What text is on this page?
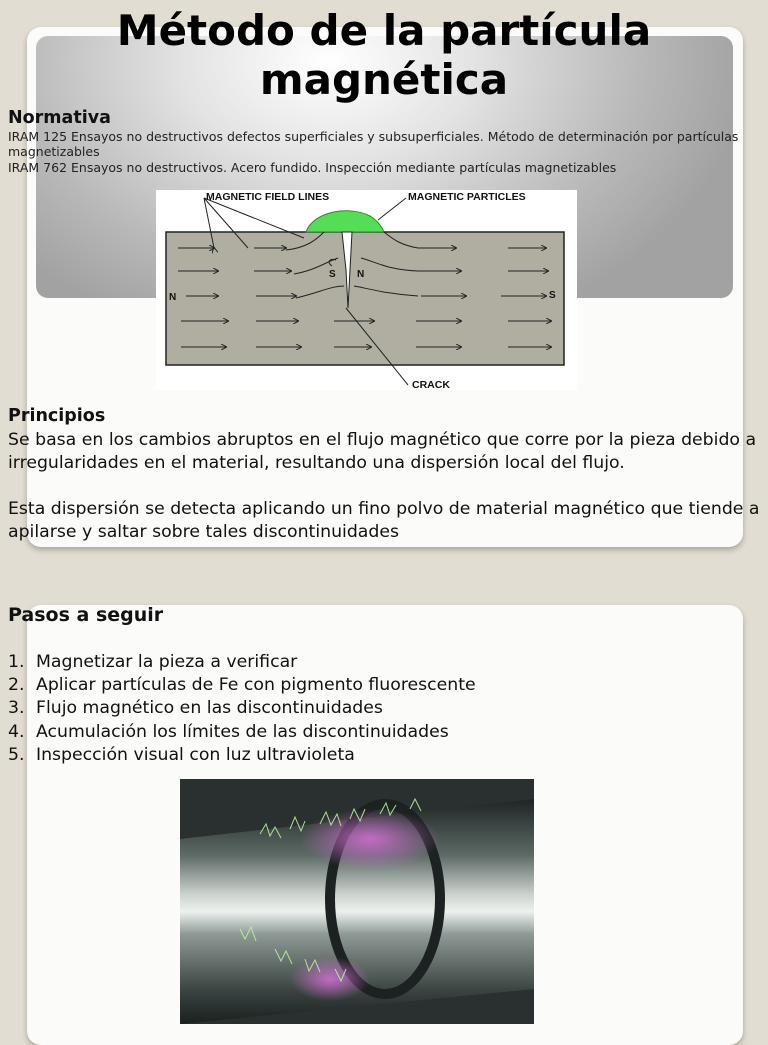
Método de la partícula magnética

Normativa

IRAM 125 Ensayos no destructivos defectos superficiales y subsuperficiales. Método de determinación por partículas magnetizables

IRAM 762 Ensayos no destructivos. Acero fundido. Inspección mediante partículas magnetizables

MAGNETIC FIELD LINES	MAGNETIC PARTICLES
CRACK
N	S
S N

Principios

Se basa en los cambios abruptos en el flujo magnético que corre por la pieza debido a irregularidades en el material, resultando una dispersión local del flujo.

Esta dispersión se detecta aplicando un fino polvo de material magnético que tiende a apilarse y saltar sobre tales discontinuidades

Pasos a seguir

1. Magnetizar la pieza a verificar
2. Aplicar partículas de Fe con pigmento fluorescente
3. Flujo magnético en las discontinuidades
4. Acumulación los límites de las discontinuidades
5. Inspección visual con luz ultravioleta
